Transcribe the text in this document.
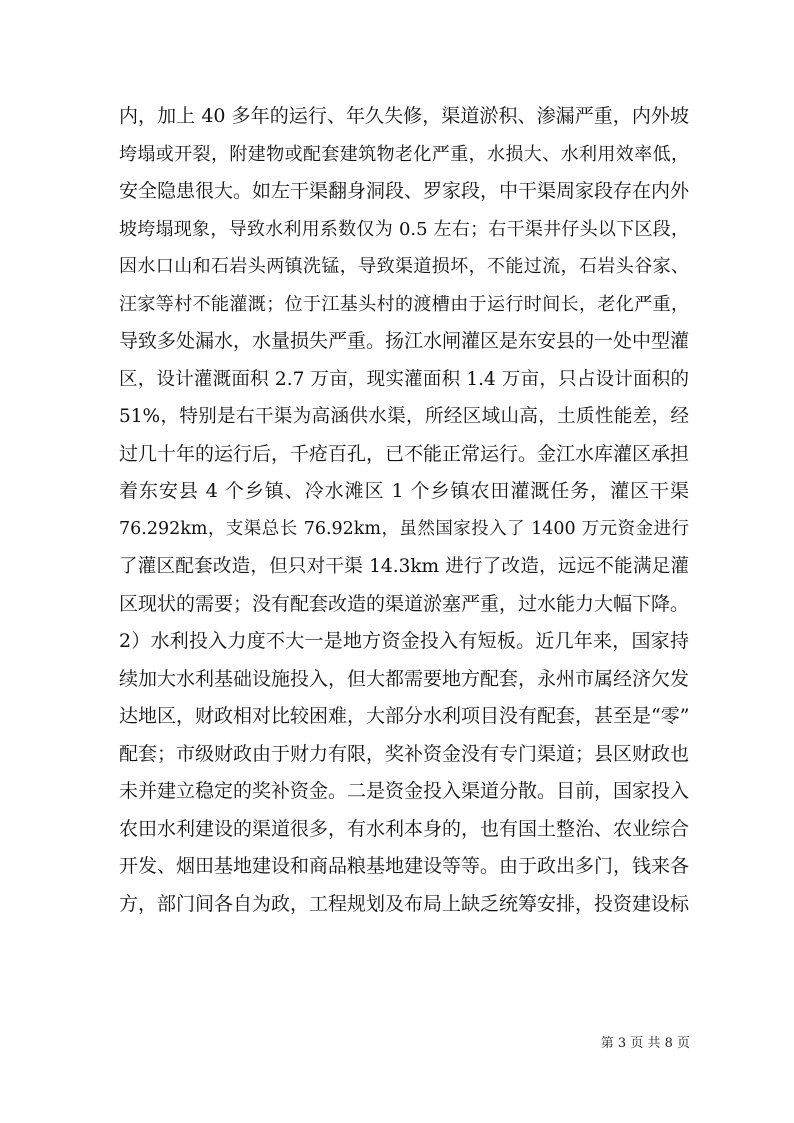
内，加上 40 多年的运行、年久失修，渠道淤积、渗漏严重，内外坡
垮塌或开裂，附建物或配套建筑物老化严重，水损大、水利用效率低，
安全隐患很大。如左干渠翻身洞段、罗家段，中干渠周家段存在内外
坡垮塌现象，导致水利用系数仅为 0.5 左右；右干渠井仔头以下区段，
因水口山和石岩头两镇洗锰，导致渠道损坏，不能过流，石岩头谷家、
汪家等村不能灌溉；位于江基头村的渡槽由于运行时间长，老化严重，
导致多处漏水，水量损失严重。扬江水闸灌区是东安县的一处中型灌
区，设计灌溉面积 2.7 万亩，现实灌面积 1.4 万亩，只占设计面积的
51%，特别是右干渠为高涵供水渠，所经区域山高，土质性能差，经
过几十年的运行后，千疮百孔，已不能正常运行。金江水库灌区承担
着东安县 4 个乡镇、冷水滩区 1 个乡镇农田灌溉任务，灌区干渠
76.292km，支渠总长 76.92km，虽然国家投入了 1400 万元资金进行
了灌区配套改造，但只对干渠 14.3km 进行了改造，远远不能满足灌
区现状的需要；没有配套改造的渠道淤塞严重，过水能力大幅下降。
2）水利投入力度不大一是地方资金投入有短板。近几年来，国家持
续加大水利基础设施投入，但大都需要地方配套，永州市属经济欠发
达地区，财政相对比较困难，大部分水利项目没有配套，甚至是“零”
配套；市级财政由于财力有限，奖补资金没有专门渠道；县区财政也
未并建立稳定的奖补资金。二是资金投入渠道分散。目前，国家投入
农田水利建设的渠道很多，有水利本身的，也有国土整治、农业综合
开发、烟田基地建设和商品粮基地建设等等。由于政出多门，钱来各
方，部门间各自为政，工程规划及布局上缺乏统筹安排，投资建设标
第 3 页 共 8 页
